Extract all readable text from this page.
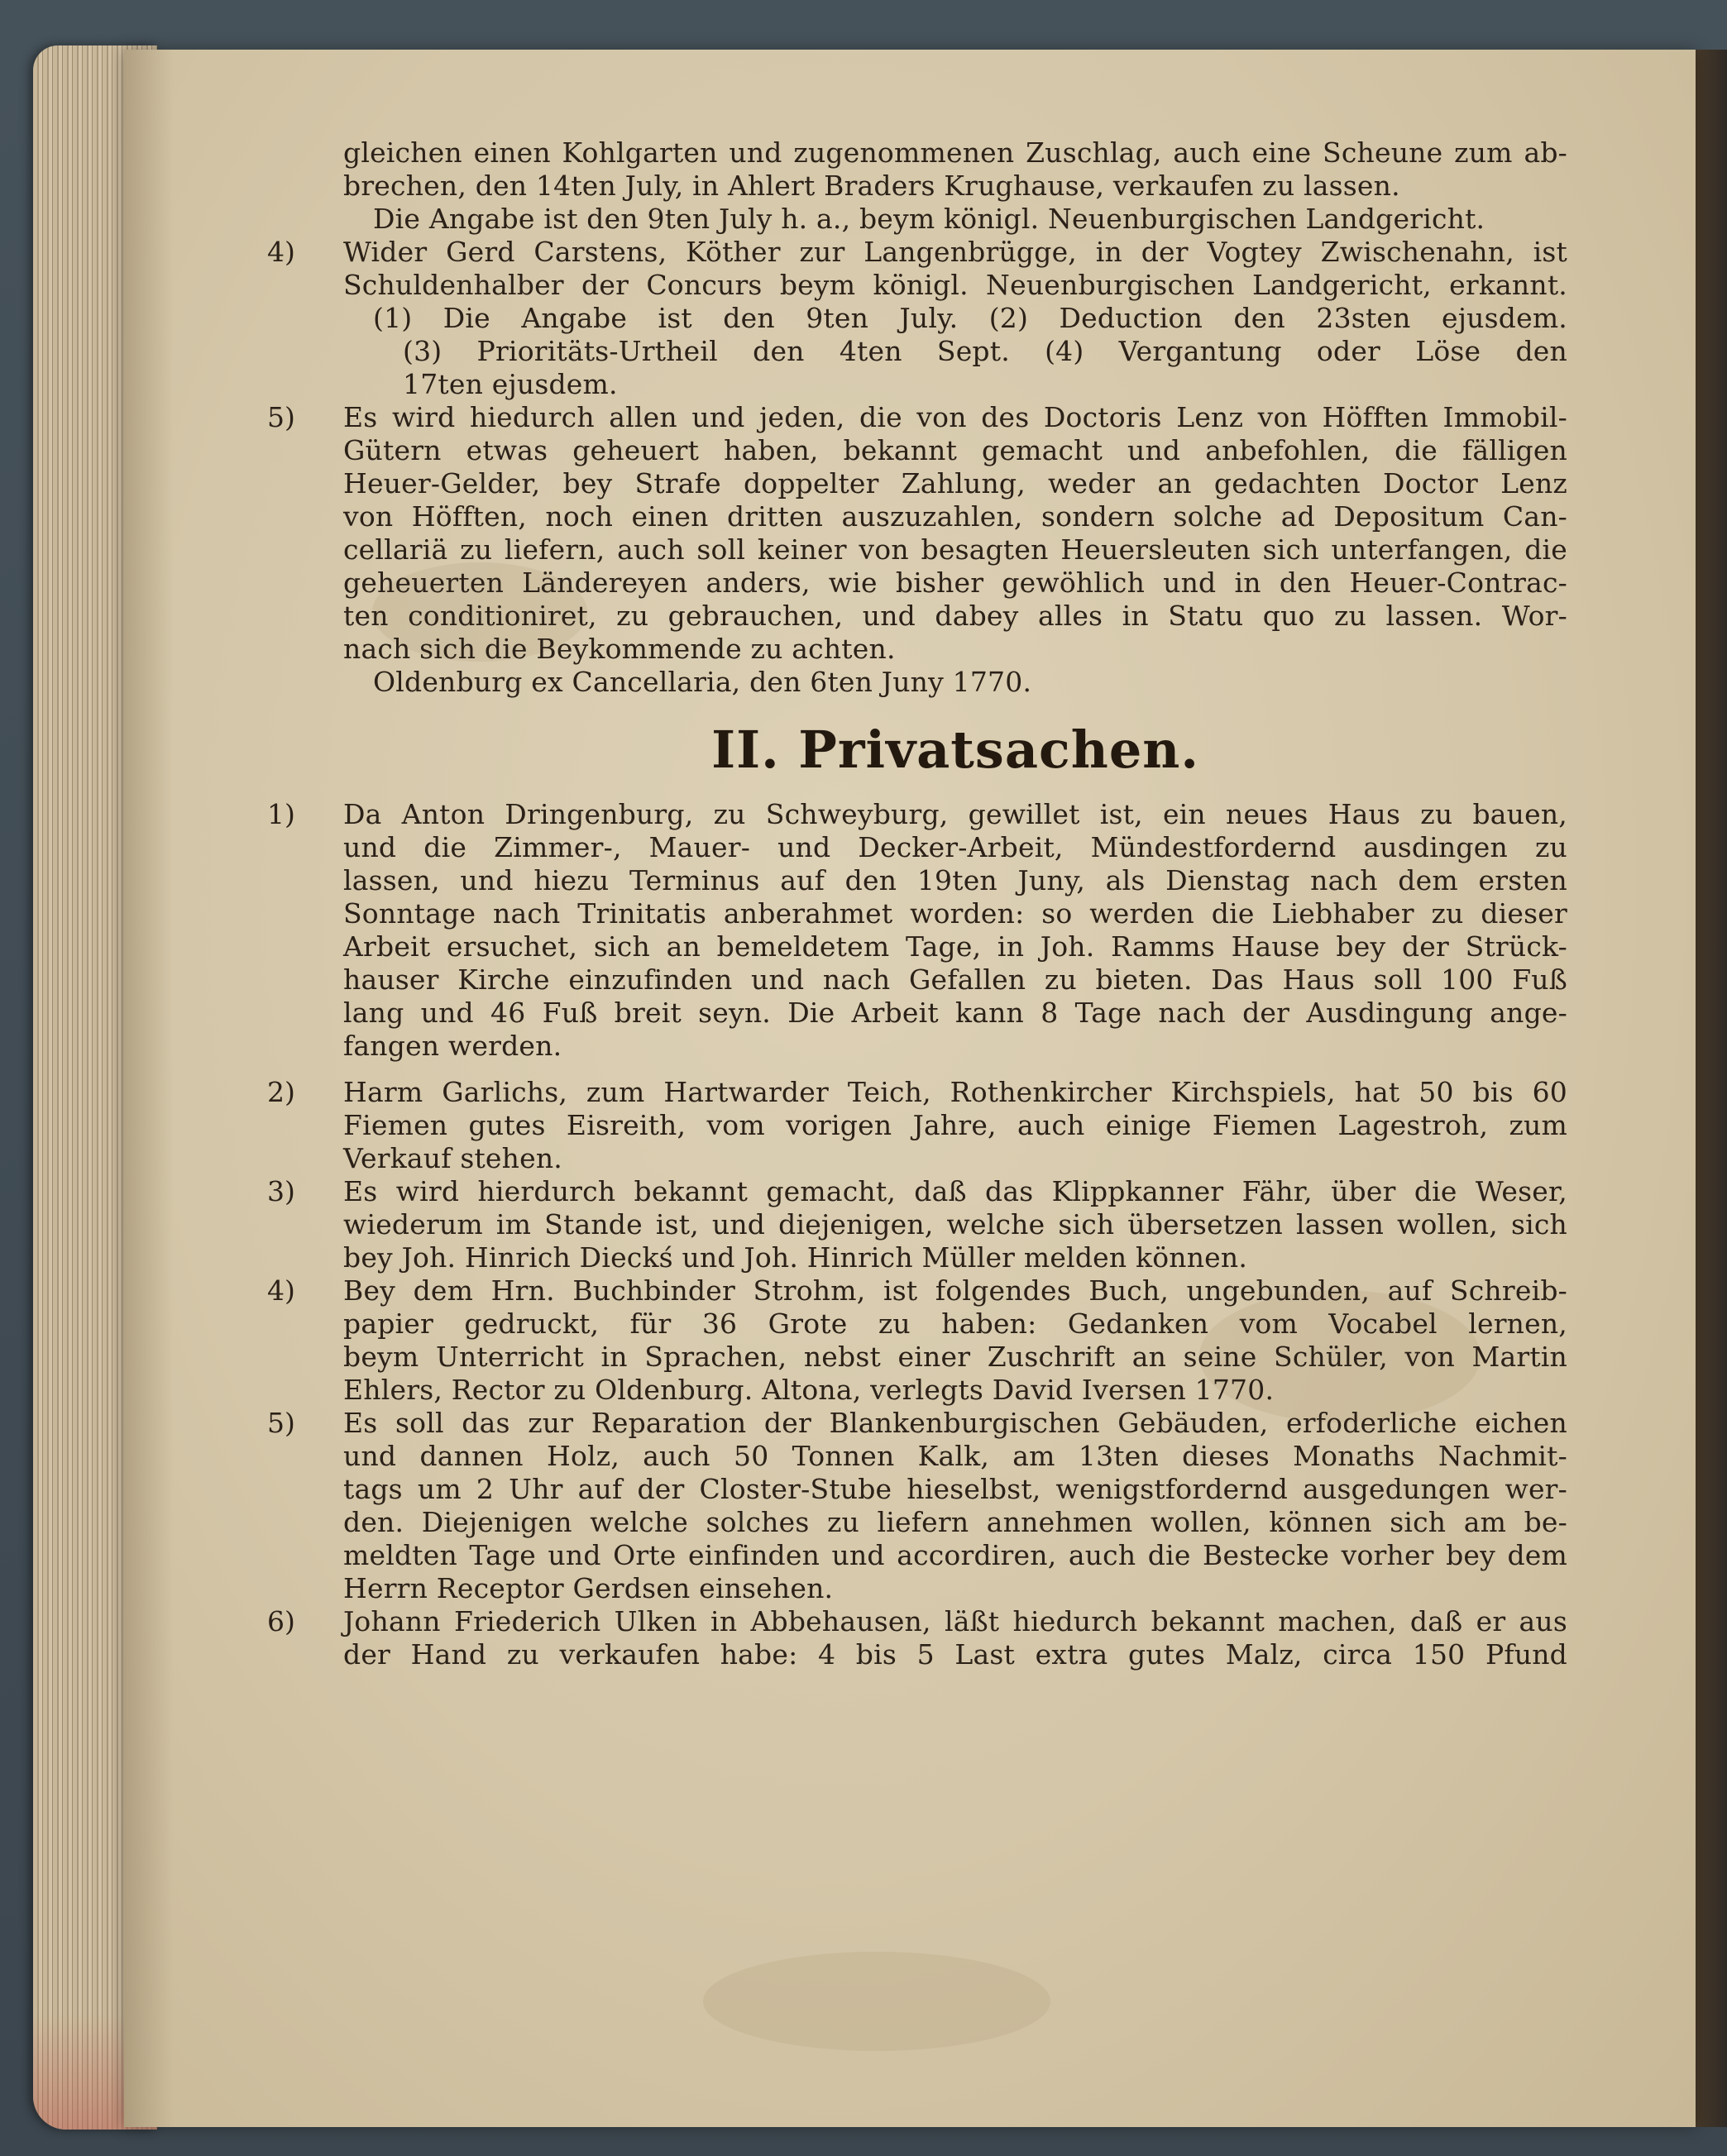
gleichen einen Kohlgarten und zugenommenen Zuschlag, auch eine Scheune zum ab-
brechen, den 14ten July, in Ahlert Braders Krughause, verkaufen zu lassen.
Die Angabe ist den 9ten July h. a., beym königl. Neuenburgischen Landgericht.
4) Wider Gerd Carstens, Köther zur Langenbrügge, in der Vogtey Zwischenahn, ist
Schuldenhalber der Concurs beym königl. Neuenburgischen Landgericht, erkannt.
(1) Die Angabe ist den 9ten July. (2) Deduction den 23sten ejusdem.
(3) Prioritäts-Urtheil den 4ten Sept. (4) Vergantung oder Löse den
17ten ejusdem.
5) Es wird hiedurch allen und jeden, die von des Doctoris Lenz von Höfften Immobil-
Gütern etwas geheuert haben, bekannt gemacht und anbefohlen, die fälligen
Heuer-Gelder, bey Strafe doppelter Zahlung, weder an gedachten Doctor Lenz
von Höfften, noch einen dritten auszuzahlen, sondern solche ad Depositum Can-
cellariä zu liefern, auch soll keiner von besagten Heuersleuten sich unterfangen, die
geheuerten Ländereyen anders, wie bisher gewöhlich und in den Heuer-Contrac-
ten conditioniret, zu gebrauchen, und dabey alles in Statu quo zu lassen. Wor-
nach sich die Beykommende zu achten.
Oldenburg ex Cancellaria, den 6ten Juny 1770.
II. Privatsachen.
1) Da Anton Dringenburg, zu Schweyburg, gewillet ist, ein neues Haus zu bauen,
und die Zimmer-, Mauer- und Decker-Arbeit, Mündestfordernd ausdingen zu
lassen, und hiezu Terminus auf den 19ten Juny, als Dienstag nach dem ersten
Sonntage nach Trinitatis anberahmet worden: so werden die Liebhaber zu dieser
Arbeit ersuchet, sich an bemeldetem Tage, in Joh. Ramms Hause bey der Strück-
hauser Kirche einzufinden und nach Gefallen zu bieten. Das Haus soll 100 Fuß
lang und 46 Fuß breit seyn. Die Arbeit kann 8 Tage nach der Ausdingung ange-
fangen werden.
2) Harm Garlichs, zum Hartwarder Teich, Rothenkircher Kirchspiels, hat 50 bis 60
Fiemen gutes Eisreith, vom vorigen Jahre, auch einige Fiemen Lagestroh, zum
Verkauf stehen.
3) Es wird hierdurch bekannt gemacht, daß das Klippkanner Fähr, über die Weser,
wiederum im Stande ist, und diejenigen, welche sich übersetzen lassen wollen, sich
bey Joh. Hinrich Dieckś und Joh. Hinrich Müller melden können.
4) Bey dem Hrn. Buchbinder Strohm, ist folgendes Buch, ungebunden, auf Schreib-
papier gedruckt, für 36 Grote zu haben: Gedanken vom Vocabel lernen,
beym Unterricht in Sprachen, nebst einer Zuschrift an seine Schüler, von Martin
Ehlers, Rector zu Oldenburg. Altona, verlegts David Iversen 1770.
5) Es soll das zur Reparation der Blankenburgischen Gebäuden, erfoderliche eichen
und dannen Holz, auch 50 Tonnen Kalk, am 13ten dieses Monaths Nachmit-
tags um 2 Uhr auf der Closter-Stube hieselbst, wenigstfordernd ausgedungen wer-
den. Diejenigen welche solches zu liefern annehmen wollen, können sich am be-
meldten Tage und Orte einfinden und accordiren, auch die Bestecke vorher bey dem
Herrn Receptor Gerdsen einsehen.
6) Johann Friederich Ulken in Abbehausen, läßt hiedurch bekannt machen, daß er aus
der Hand zu verkaufen habe: 4 bis 5 Last extra gutes Malz, circa 150 Pfund
